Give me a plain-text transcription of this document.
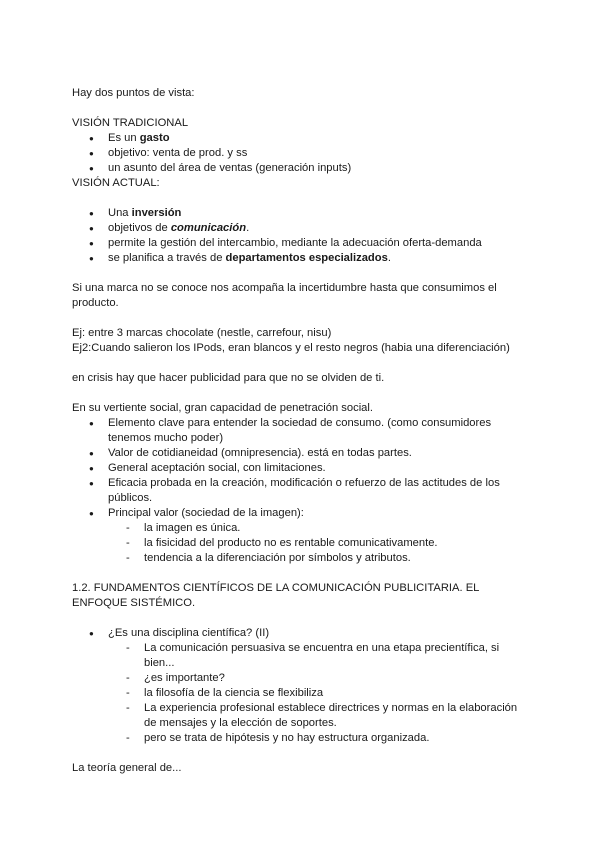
Hay dos puntos de vista:

VISIÓN TRADICIONAL

● Es un gasto
● objetivo: venta de prod. y ss
● un asunto del área de ventas (generación inputs)

VISIÓN ACTUAL:

● Una inversión
● objetivos de comunicación.
● permite la gestión del intercambio, mediante la adecuación oferta-demanda
● se planifica a través de departamentos especializados.

Si una marca no se conoce nos acompaña la incertidumbre hasta que consumimos el producto.

Ej: entre 3 marcas chocolate (nestle, carrefour, nisu)

Ej2:Cuando salieron los IPods, eran blancos y el resto negros (habia una diferenciación)

en crisis hay que hacer publicidad para que no se olviden de ti.

En su vertiente social, gran capacidad de penetración social.

● Elemento clave para entender la sociedad de consumo. (como consumidores tenemos mucho poder)
● Valor de cotidianeidad (omnipresencia). está en todas partes.
● General aceptación social, con limitaciones.
● Eficacia probada en la creación, modificación o refuerzo de las actitudes de los públicos.
● Principal valor (sociedad de la imagen):
- la imagen es única.
- la fisicidad del producto no es rentable comunicativamente.
- tendencia a la diferenciación por símbolos y atributos.

1.2. FUNDAMENTOS CIENTÍFICOS DE LA COMUNICACIÓN PUBLICITARIA. EL ENFOQUE SISTÉMICO.

● ¿Es una disciplina científica? (II)
- La comunicación persuasiva se encuentra en una etapa precientífica, si bien...
- ¿es importante?
- la filosofía de la ciencia se flexibiliza
- La experiencia profesional establece directrices y normas en la elaboración de mensajes y la elección de soportes.
- pero se trata de hipótesis y no hay estructura organizada.

La teoría general de...
